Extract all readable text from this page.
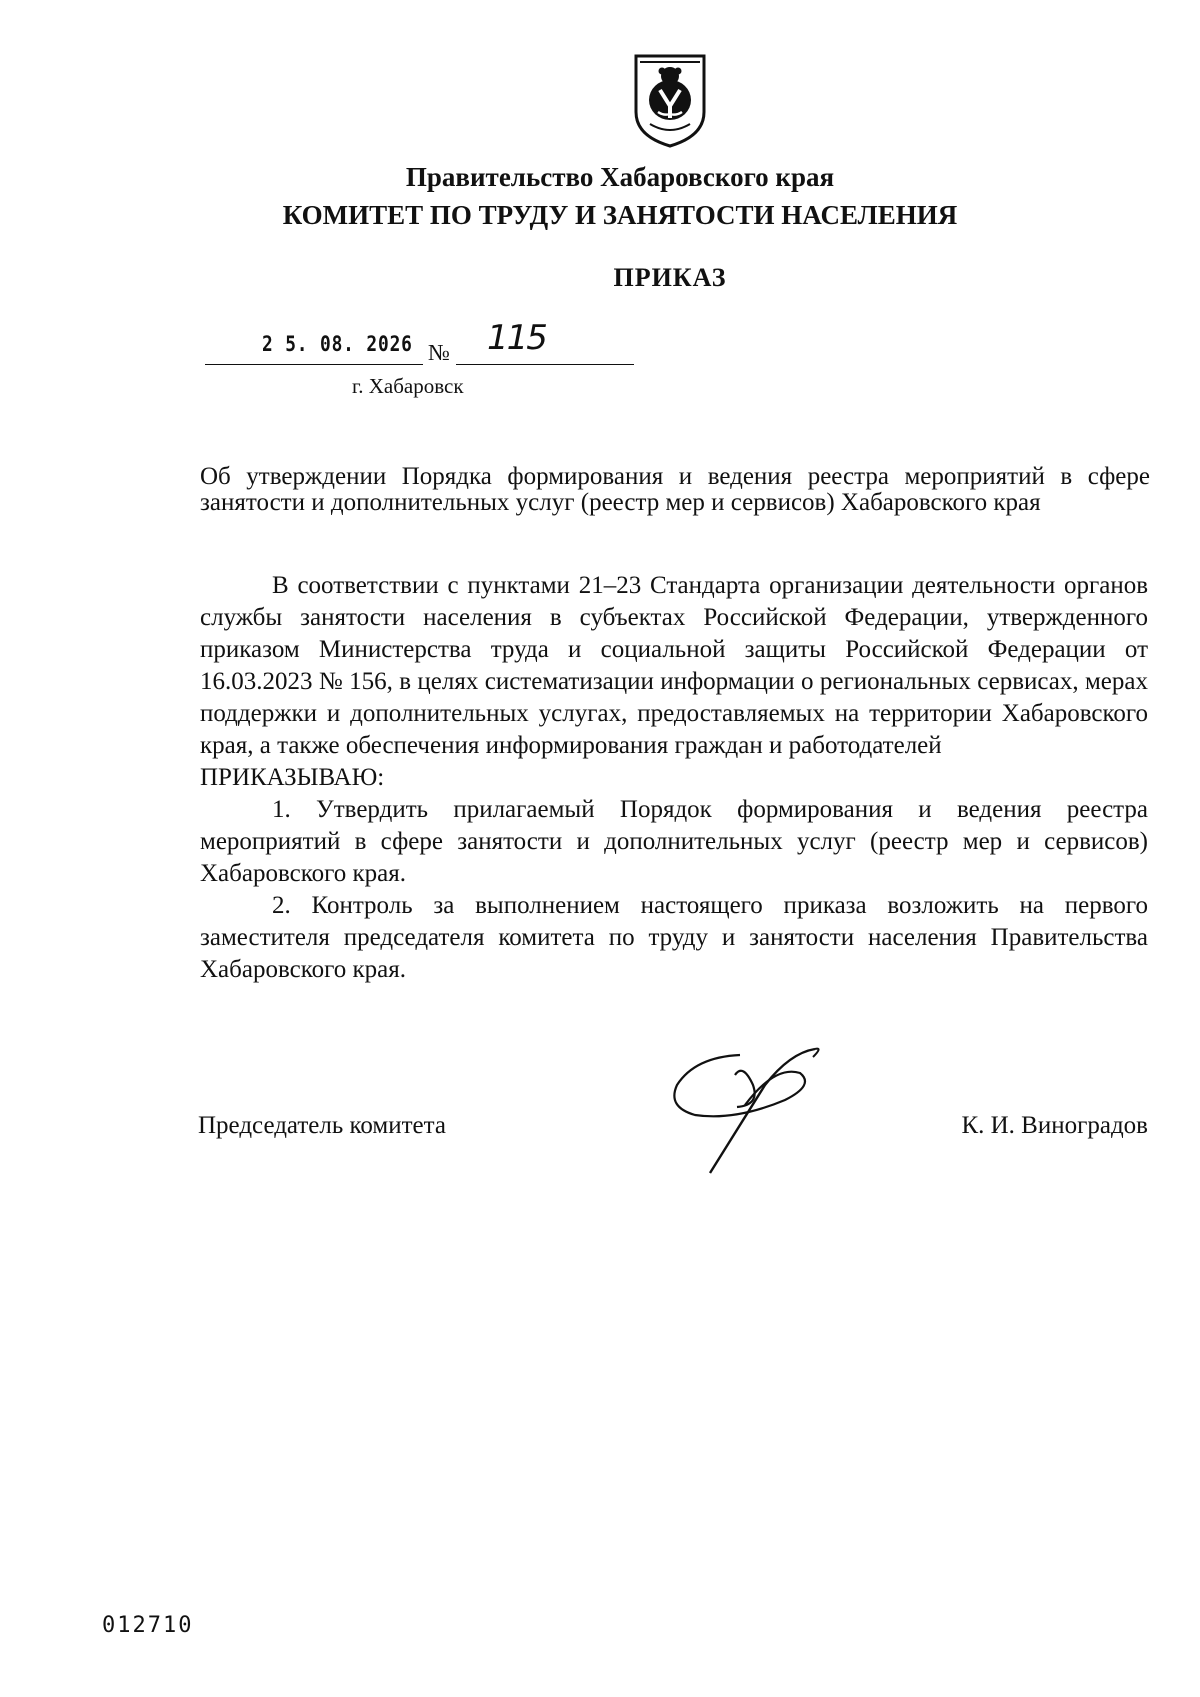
Правительство Хабаровского края
КОМИТЕТ ПО ТРУДУ И ЗАНЯТОСТИ НАСЕЛЕНИЯ
ПРИКАЗ
2 5. 08. 2026 № 115
г. Хабаровск
Об утверждении Порядка формирования и ведения реестра мероприятий в сфере занятости и дополнительных услуг (реестр мер и сервисов) Хабаровского края

В соответствии с пунктами 21–23 Стандарта организации деятельности органов службы занятости населения в субъектах Российской Федерации, утвержденного приказом Министерства труда и социальной защиты Российской Федерации от 16.03.2023 № 156, в целях систематизации информации о региональных сервисах, мерах поддержки и дополнительных услугах, предоставляемых на территории Хабаровского края, а также обеспечения информирования граждан и работодателей

ПРИКАЗЫВАЮ:

1. Утвердить прилагаемый Порядок формирования и ведения реестра мероприятий в сфере занятости и дополнительных услуг (реестр мер и сервисов) Хабаровского края.

2. Контроль за выполнением настоящего приказа возложить на первого заместителя председателя комитета по труду и занятости населения Правительства Хабаровского края.

Председатель комитета	К. И. Виноградов
012710
